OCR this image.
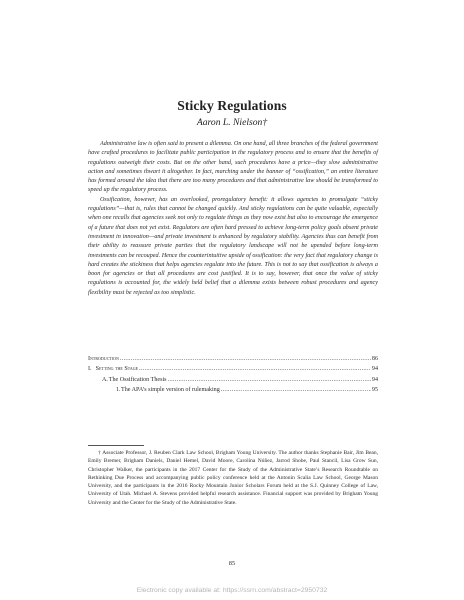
Sticky Regulations
Aaron L. Nielson†

Administrative law is often said to present a dilemma. On one hand, all three branches of the federal government have crafted procedures to facilitate public participation in the regulatory process and to ensure that the benefits of regulations outweigh their costs. But on the other hand, such procedures have a price—they slow administrative action and sometimes thwart it altogether. In fact, marching under the banner of “ossification,” an entire literature has formed around the idea that there are too many procedures and that administrative law should be transformed to speed up the regulatory process.

Ossification, however, has an overlooked, proregulatory benefit: it allows agencies to promulgate “sticky regulations”—that is, rules that cannot be changed quickly. And sticky regulations can be quite valuable, especially when one recalls that agencies seek not only to regulate things as they now exist but also to encourage the emergence of a future that does not yet exist. Regulators are often hard pressed to achieve long-term policy goals absent private investment in innovation—and private investment is enhanced by regulatory stability. Agencies thus can benefit from their ability to reassure private parties that the regulatory landscape will not be upended before long-term investments can be recouped. Hence the counterintuitive upside of ossification: the very fact that regulatory change is hard creates the stickiness that helps agencies regulate into the future. This is not to say that ossification is always a boon for agencies or that all procedures are cost justified. It is to say, however, that once the value of sticky regulations is accounted for, the widely held belief that a dilemma exists between robust procedures and agency flexibility must be rejected as too simplistic.

Introduction .....	86
I. Setting the Stage .....	94
A. The Ossification Thesis .....	94
1. The APA’s simple version of rulemaking .....	95

† Associate Professor, J. Reuben Clark Law School, Brigham Young University. The author thanks Stephanie Bair, Jim Bean, Emily Bremer, Brigham Daniels, Daniel Hemel, David Moore, Carolina Núñez, Jarrod Shobe, Paul Stancil, Lisa Grow Sun, Christopher Walker, the participants in the 2017 Center for the Study of the Administrative State’s Research Roundtable on Rethinking Due Process and accompanying public policy conference held at the Antonin Scalia Law School, George Mason University, and the participants in the 2016 Rocky Mountain Junior Scholars Forum held at the S.J. Quinney College of Law, University of Utah. Michael A. Stevens provided helpful research assistance. Financial support was provided by Brigham Young University and the Center for the Study of the Administrative State.

85
Electronic copy available at: https://ssrn.com/abstract=2950732
